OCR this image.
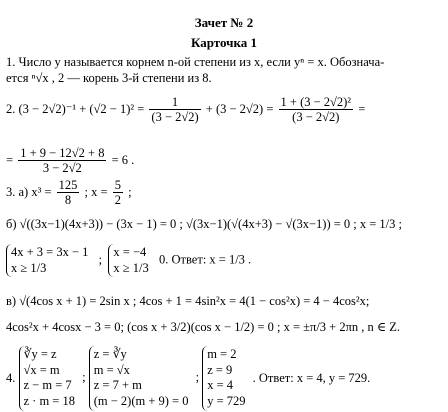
Зачет № 2
Карточка 1
1. Число y называется корнем n-ой степени из x, если yⁿ = x. Обознача-
ется ⁿ√x , 2 — корень 3-й степени из 8.
2. $(3 - 2√2)^{-1} + (√2 - 1)^2 = \frac{1}{(3 - 2√2)} + (3 - 2√2) = \frac{\text{1 + (3 − 2√2)²}}{(3 - 2√2)}$ =
= $\frac{1 + 9 - 12√2 + 8}{3 - 2√2} = 6$ .
3. а) $x^3 = \frac{125}{8}$ ; $x = \frac{5}{2}$ ;
б) √((3x−1)(4x+3)) − (3x − 1) = 0 ; √(3x−1)(√(4x+3) − √(3x−1)) = 0 ; x = 1/3 ;
4x + 3 = 3x − 1
x ≥ 1/3
;
x = −4
x ≥ 1/3
0. Ответ: x = 1/3 .
в) √(4cos x + 1) = 2sin x ; 4cos + 1 = 4sin²x = 4(1 − cos²x) = 4 − 4cos²x;
4cos²x + 4cosx − 3 = 0; (cos x + 3/2)(cos x − 1/2) = 0 ; x = ±π/3 + 2πn , n ∈ Z.
4.
∛y = z
√x = m
z − m = 7
z · m = 18
;
z = ∛y
m = √x
z = 7 + m
(m − 2)(m + 9) = 0
;
m = 2
z = 9
x = 4
y = 729
. Ответ: x = 4, y = 729.
